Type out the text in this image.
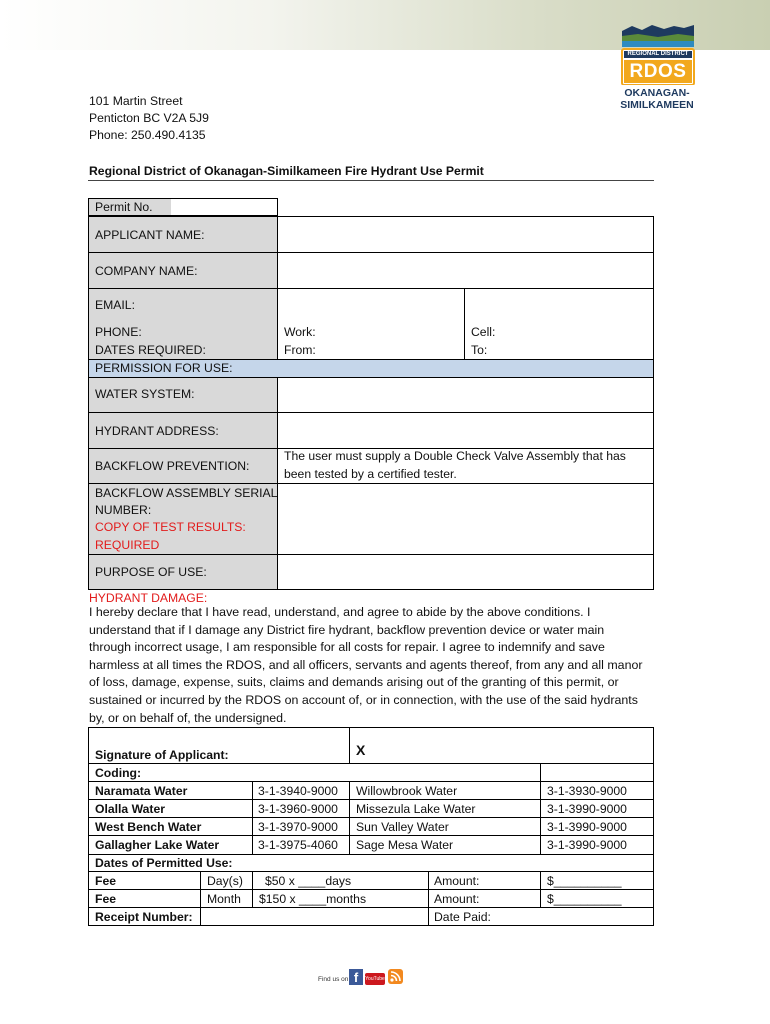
REGIONAL DISTRICT
RDOS
OKANAGAN-
SIMILKAMEEN
101 Martin Street
Penticton BC V2A 5J9
Phone: 250.490.4135
Regional District of Okanagan-Similkameen Fire Hydrant Use Permit
Permit No.
APPLICANT NAME:
COMPANY NAME:
EMAIL:
PHONE:	Work:	Cell:
DATES REQUIRED:	From:	To:
PERMISSION FOR USE:
WATER SYSTEM:
HYDRANT ADDRESS:
BACKFLOW PREVENTION:
The user must supply a Double Check Valve Assembly that has
been tested by a certified tester.
BACKFLOW ASSEMBLY SERIAL
NUMBER:
COPY OF TEST RESULTS:
REQUIRED
PURPOSE OF USE:
HYDRANT DAMAGE:
I hereby declare that I have read, understand, and agree to abide by the above conditions. I
understand that if I damage any District fire hydrant, backflow prevention device or water main
through incorrect usage, I am responsible for all costs for repair. I agree to indemnify and save
harmless at all times the RDOS, and all officers, servants and agents thereof, from any and all manor
of loss, damage, expense, suits, claims and demands arising out of the granting of this permit, or
sustained or incurred by the RDOS on account of, or in connection, with the use of the said hydrants
by, or on behalf of, the undersigned.
Signature of Applicant:	X
Coding:
Naramata Water	3-1-3940-9000 Willowbrook Water	3-1-3930-9000
Olalla Water	3-1-3960-9000 Missezula Lake Water	3-1-3990-9000
West Bench Water	3-1-3970-9000 Sun Valley Water	3-1-3990-9000
Gallagher Lake Water	3-1-3975-4060 Sage Mesa Water	3-1-3990-9000
Dates of Permitted Use:
Fee	Day(s) $50 x ____days	Amount:	$__________
Fee	Month $150 x ____months	Amount:	$__________
Receipt Number:	Date Paid:
Find us on f	YouTube
